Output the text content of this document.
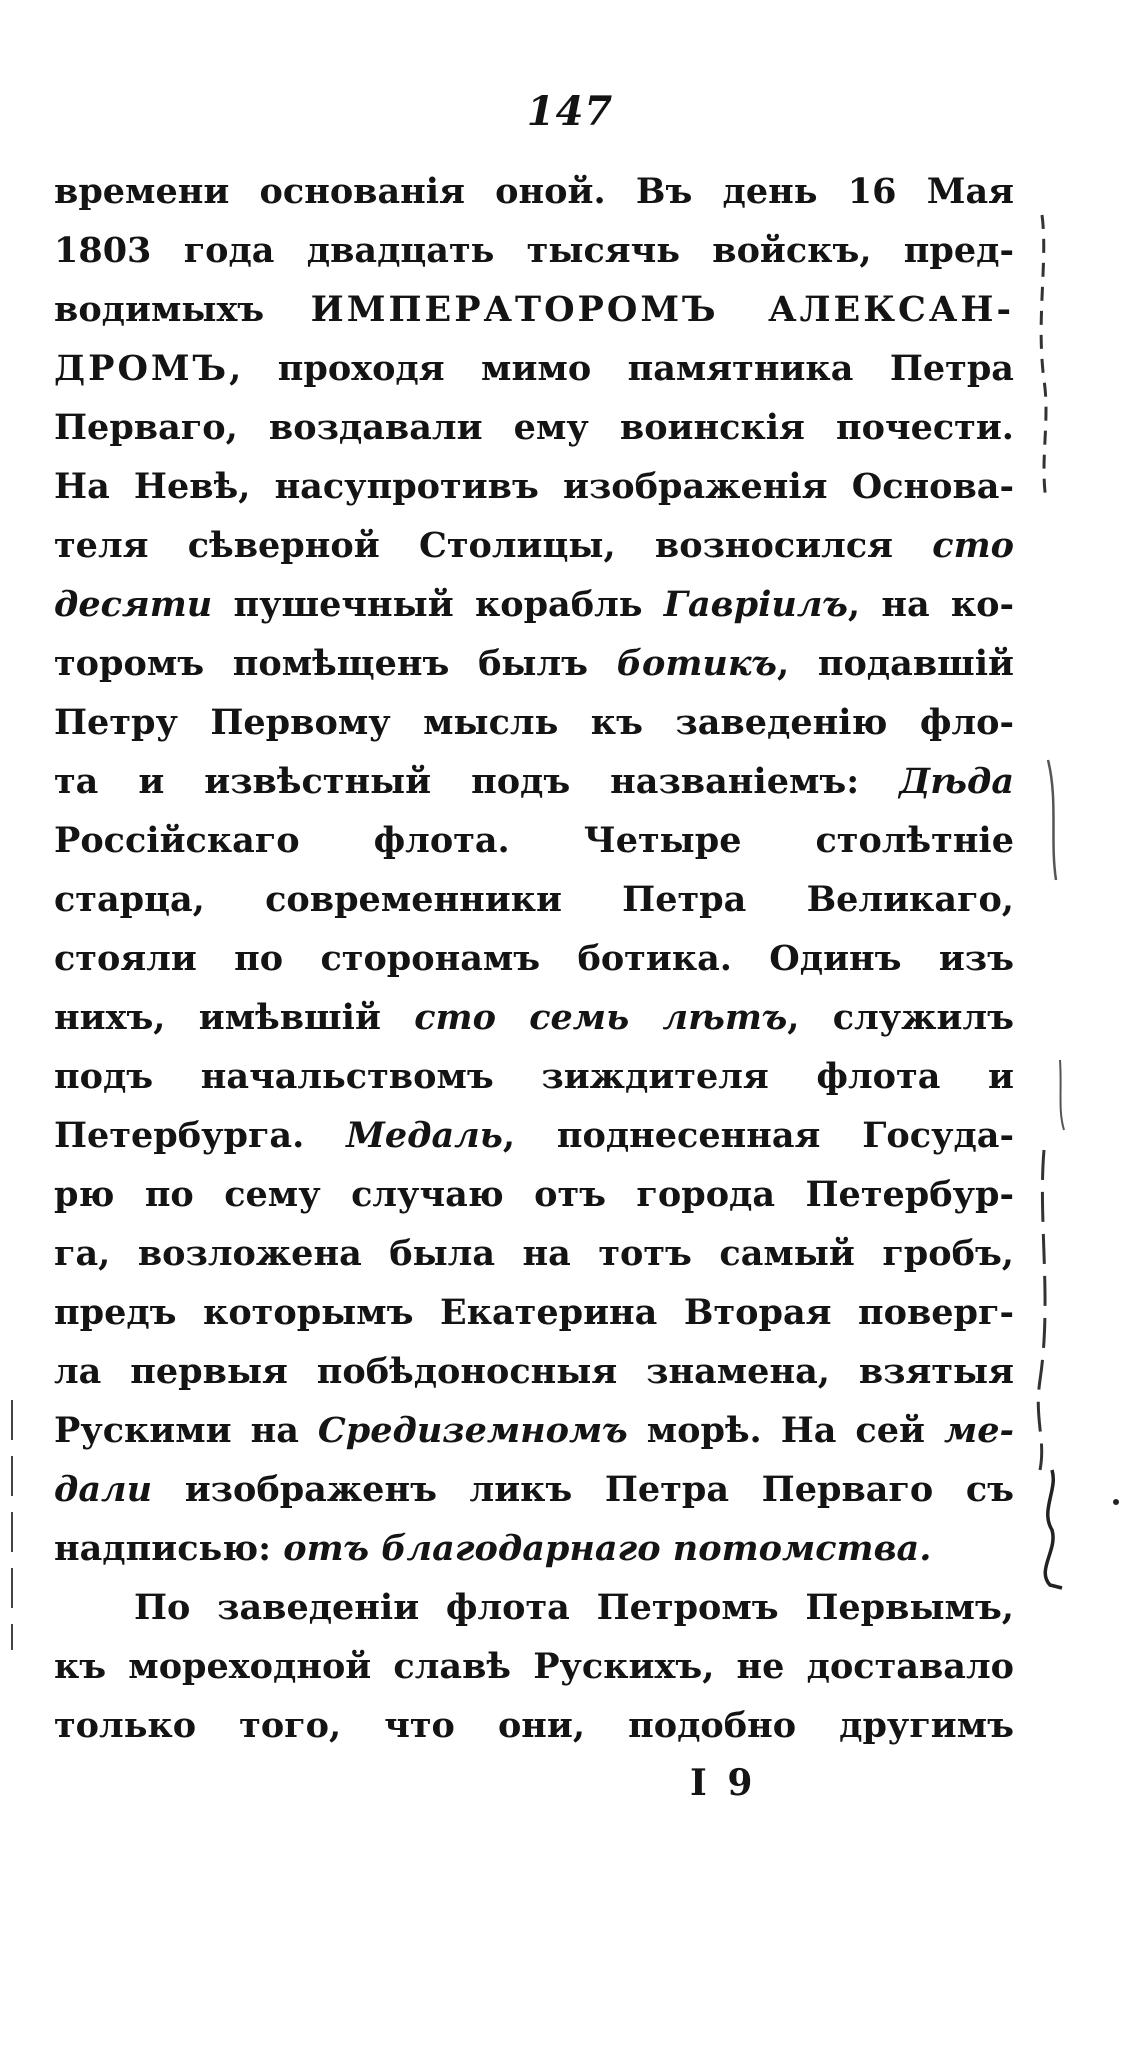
147
времени основанія оной. Въ день 16 Мая
1803 года двадцать тысячь войскъ, пред-
водимыхъ ИМПЕРАТОРОМЪ АЛЕКСАН-
ДРОМЪ, проходя мимо памятника Петра
Перваго, воздавали ему воинскія почести.
На Невѣ, насупротивъ изображенія Основа-
теля сѣверной Столицы, возносился сто
десяти пушечный корабль Гавріилъ, на ко-
торомъ помѣщенъ былъ ботикъ, подавшій
Петру Первому мысль къ заведенію фло-
та и извѣстный подъ названіемъ: Дѣда
Россійскаго флота. Четыре столѣтніе
старца, современники Петра Великаго,
стояли по сторонамъ ботика. Одинъ изъ
нихъ, имѣвшій сто семь лѣтъ, служилъ
подъ начальствомъ зиждителя флота и
Петербурга. Медаль, поднесенная Госуда-
рю по сему случаю отъ города Петербур-
га, возложена была на тотъ самый гробъ,
предъ которымъ Екатерина Вторая поверг-
ла первыя побѣдоносныя знамена, взятыя
Рускими на Средиземномъ морѣ. На сей ме-
дали изображенъ ликъ Петра Перваго съ
надписью: отъ благодарнаго потомства.
По заведеніи флота Петромъ Первымъ,
къ мореходной славѣ Рускихъ, не доставало
только того, что они, подобно другимъ
I 9
